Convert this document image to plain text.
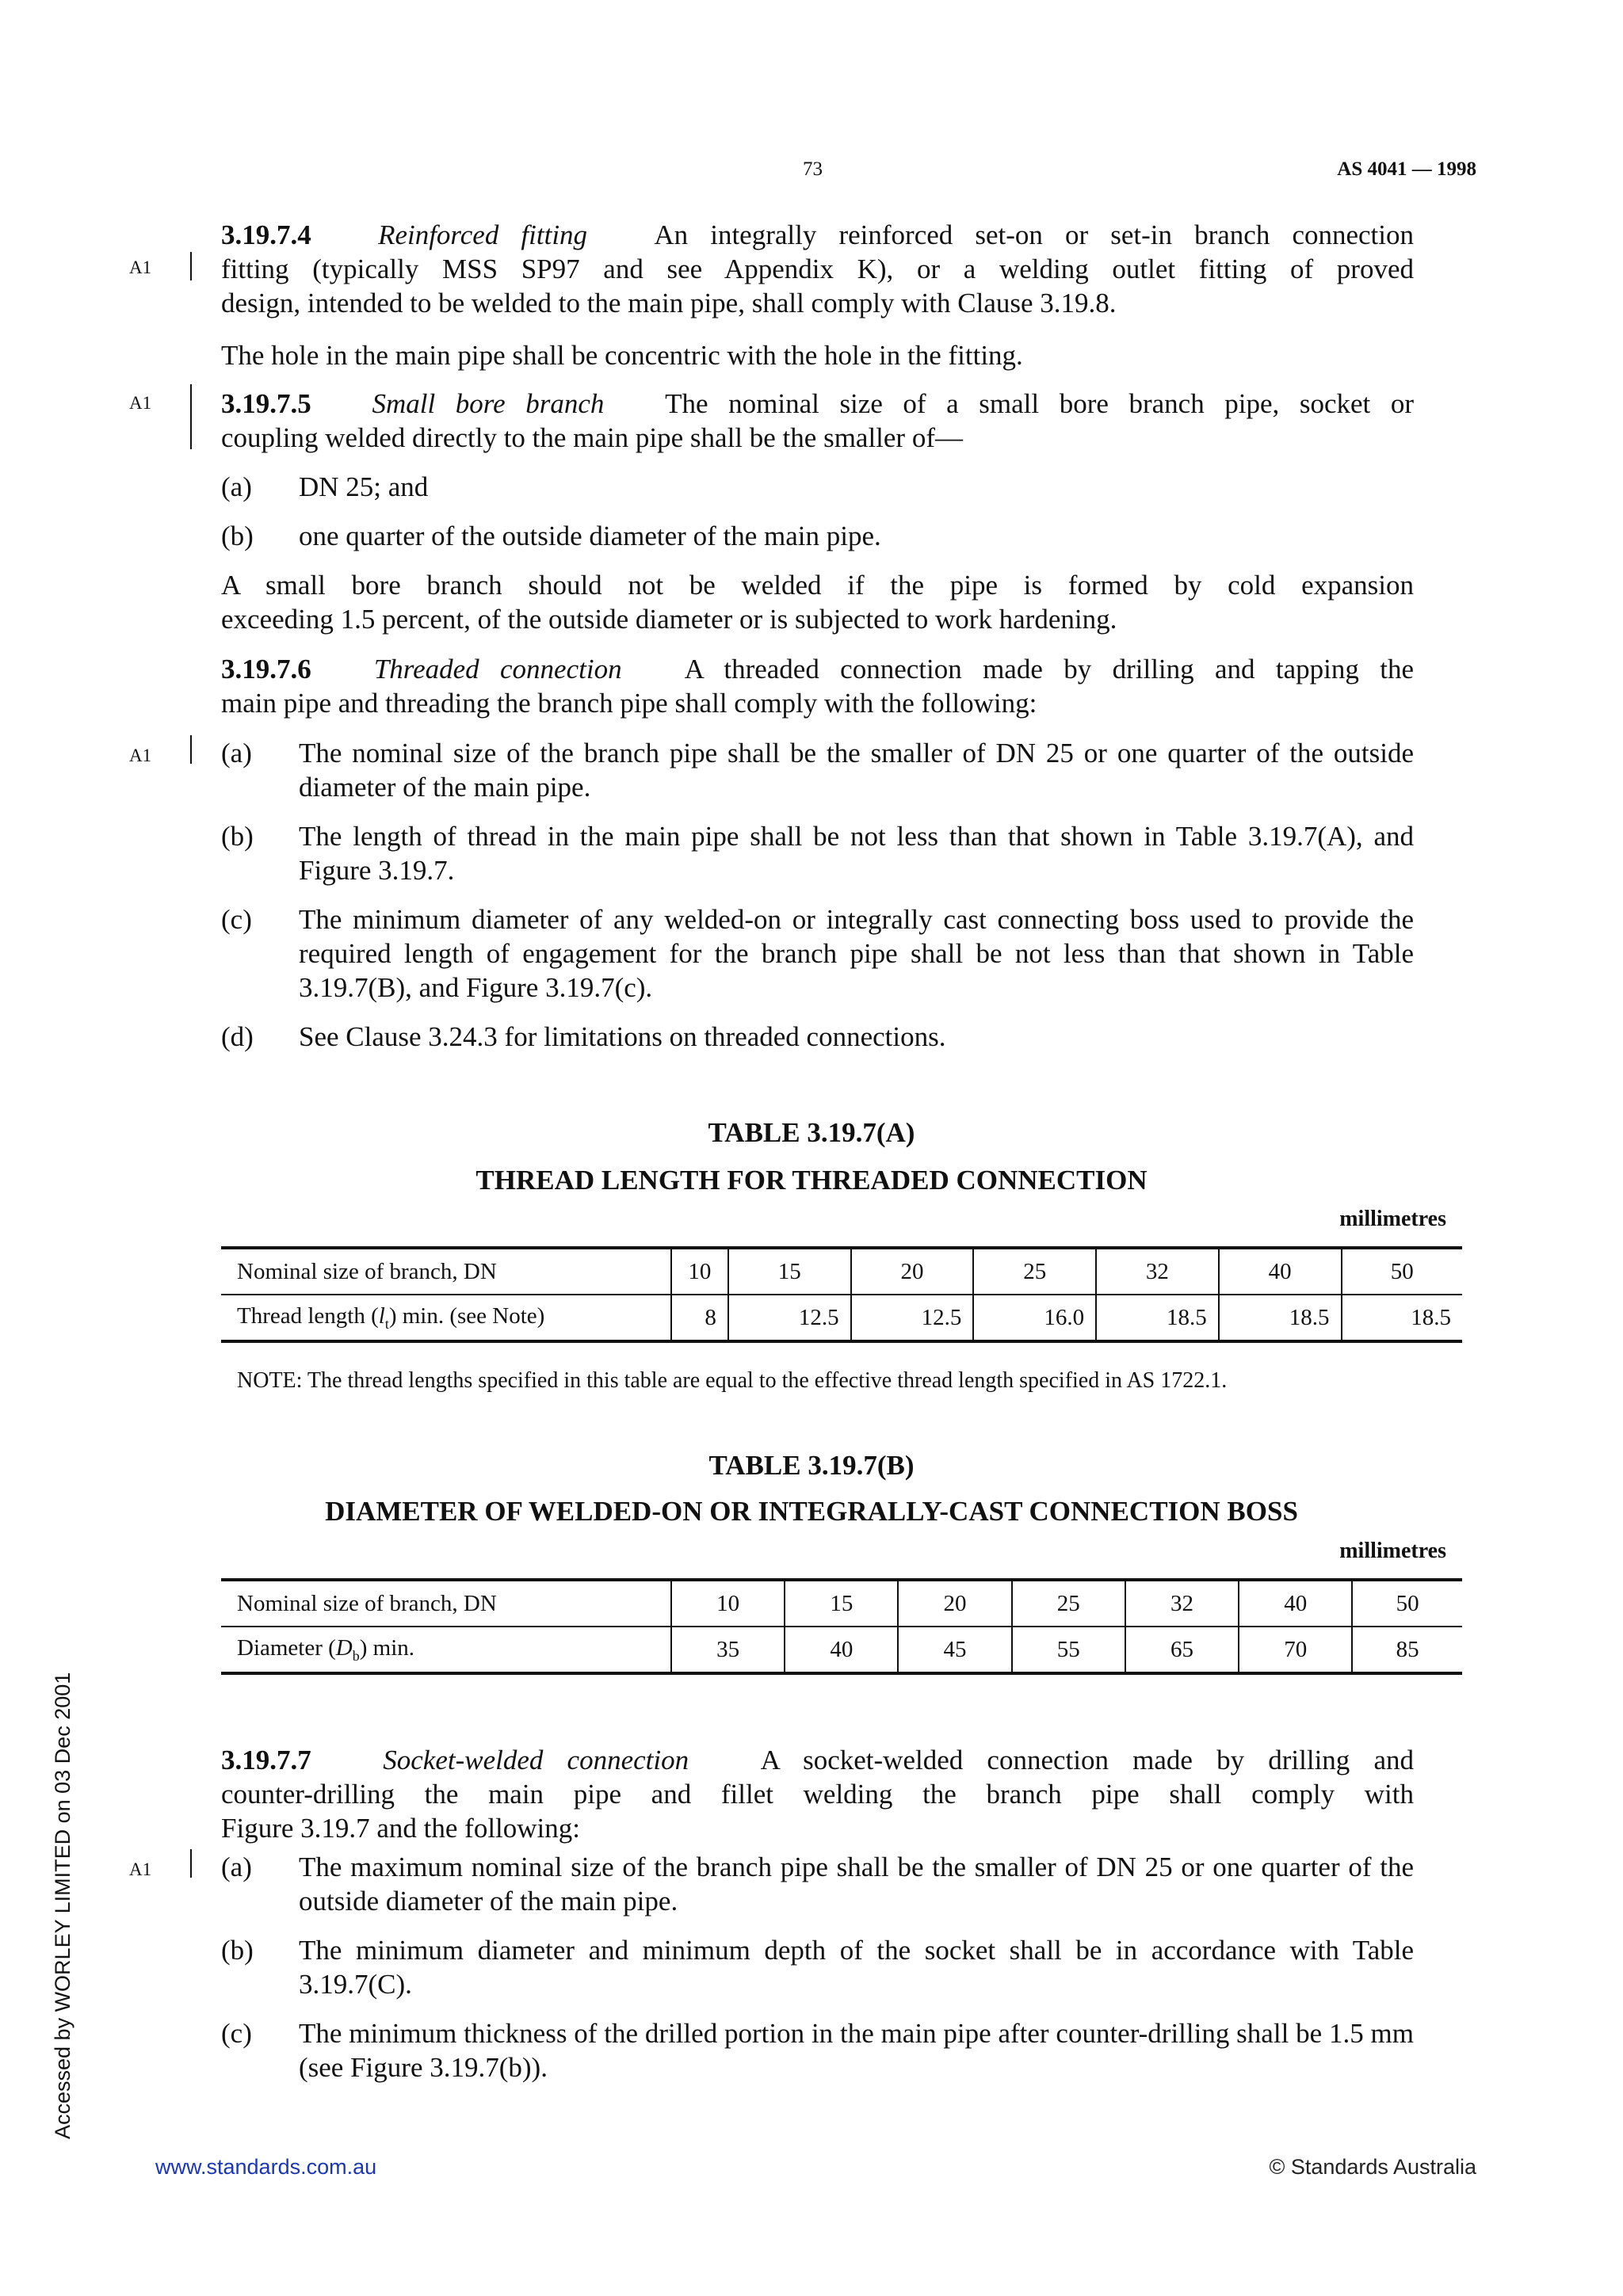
73	AS 4041 — 1998
A1
3.19.7.4 Reinforced fitting An integrally reinforced set-on or set-in branch connection
fitting (typically MSS SP97 and see Appendix K), or a welding outlet fitting of proved
design, intended to be welded to the main pipe, shall comply with Clause 3.19.8.
The hole in the main pipe shall be concentric with the hole in the fitting.
A1	3.19.7.5 Small bore branch The nominal size of a small bore branch pipe, socket or
coupling welded directly to the main pipe shall be the smaller of—
(a)	DN 25; and
(b)	one quarter of the outside diameter of the main pipe.
A small bore branch should not be welded if the pipe is formed by cold expansion
exceeding 1.5 percent, of the outside diameter or is subjected to work hardening.
3.19.7.6 Threaded connection A threaded connection made by drilling and tapping the
main pipe and threading the branch pipe shall comply with the following:
A1	(a)	The nominal size of the branch pipe shall be the smaller of DN 25 or one quarter of the outside diameter of the main pipe.
(b)	The length of thread in the main pipe shall be not less than that shown in Table 3.19.7(A), and Figure 3.19.7.
(c)	The minimum diameter of any welded-on or integrally cast connecting boss used to provide the required length of engagement for the branch pipe shall be not less than that shown in Table 3.19.7(B), and Figure 3.19.7(c).
(d)	See Clause 3.24.3 for limitations on threaded connections.
TABLE 3.19.7(A)
THREAD LENGTH FOR THREADED CONNECTION
millimetres
Nominal size of branch, DN	10	15	20	25	32	40	50
Thread length $(l_t)$ min. (see Note)	8	12.5	12.5	16.0	18.5	18.5	18.5
NOTE: The thread lengths specified in this table are equal to the effective thread length specified in AS 1722.1.
TABLE 3.19.7(B)
DIAMETER OF WELDED-ON OR INTEGRALLY-CAST CONNECTION BOSS
millimetres
Nominal size of branch, DN	10	15	20	25	32	40	50
Diameter $(D_b)$ min.	35	40	45	55	65	70	85
3.19.7.7	Socket-welded connection	A socket-welded connection made by drilling and
counter-drilling the main pipe and fillet welding the branch pipe shall comply with
Figure 3.19.7 and the following:
A1	(a)	The maximum nominal size of the branch pipe shall be the smaller of DN 25 or one quarter of the outside diameter of the main pipe.
(b)	The minimum diameter and minimum depth of the socket shall be in accordance with Table 3.19.7(C).
(c)	The minimum thickness of the drilled portion in the main pipe after counter-drilling shall be 1.5 mm (see Figure 3.19.7(b)).
Accessed by WORLEY LIMITED on 03 Dec 2001
www.standards.com.au	© Standards Australia
